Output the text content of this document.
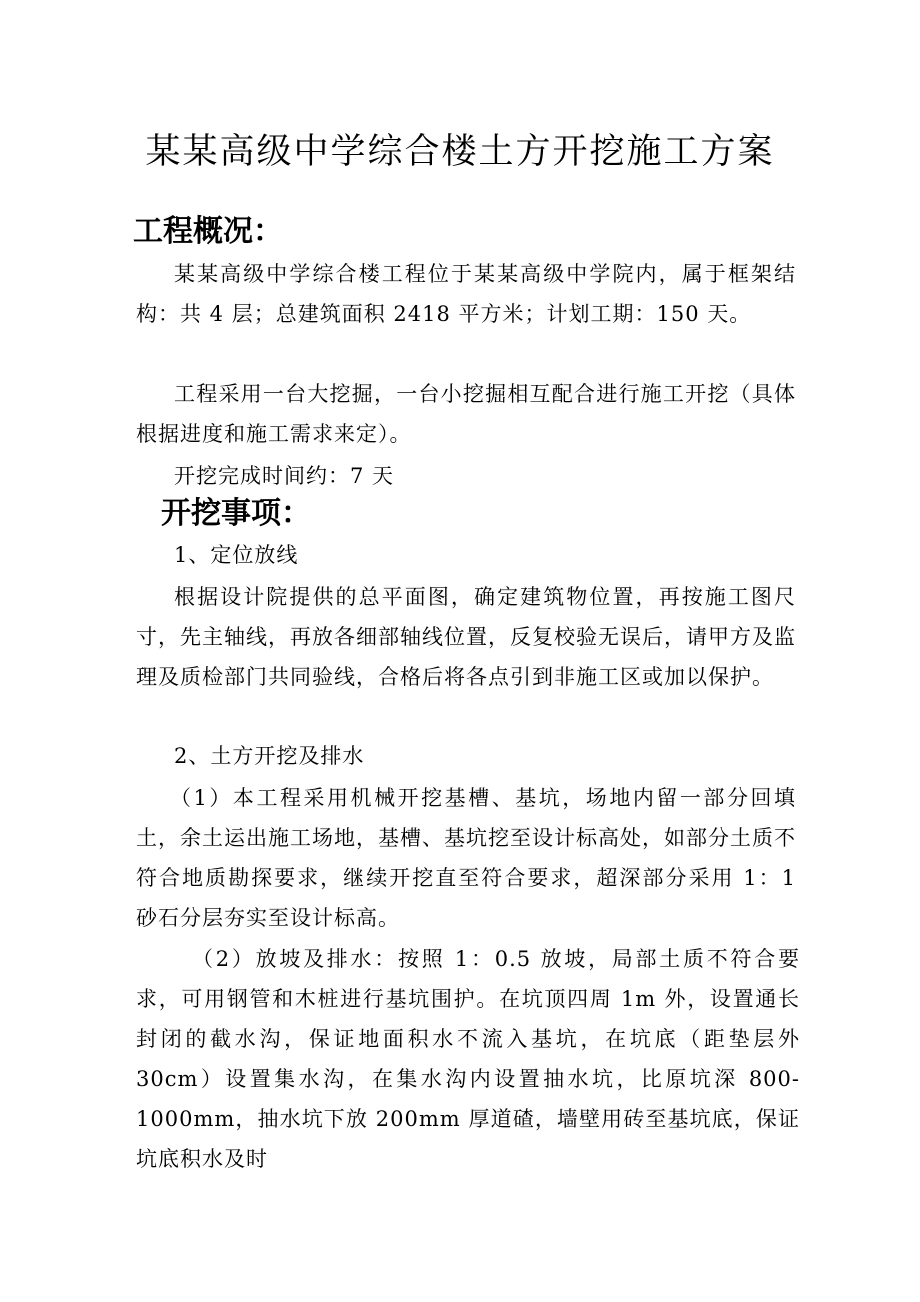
某某高级中学综合楼土方开挖施工方案
工程概况：

某某高级中学综合楼工程位于某某高级中学院内，属于框架结构：共 4 层；总建筑面积 2418 平方米；计划工期：150 天。

工程采用一台大挖掘，一台小挖掘相互配合进行施工开挖（具体根据进度和施工需求来定）。

开挖完成时间约：7 天

开挖事项：

1、定位放线

根据设计院提供的总平面图，确定建筑物位置，再按施工图尺寸，先主轴线，再放各细部轴线位置，反复校验无误后，请甲方及监理及质检部门共同验线，合格后将各点引到非施工区或加以保护。

2、土方开挖及排水

（1）本工程采用机械开挖基槽、基坑，场地内留一部分回填土，余土运出施工场地，基槽、基坑挖至设计标高处，如部分土质不符合地质勘探要求，继续开挖直至符合要求，超深部分采用 1：1 砂石分层夯实至设计标高。

（2）放坡及排水：按照 1：0.5 放坡，局部土质不符合要求，可用钢管和木桩进行基坑围护。在坑顶四周 1m 外，设置通长封闭的截水沟，保证地面积水不流入基坑，在坑底（距垫层外 30cm）设置集水沟，在集水沟内设置抽水坑，比原坑深 800-1000mm，抽水坑下放 200mm 厚道碴，墙壁用砖至基坑底，保证坑底积水及时
